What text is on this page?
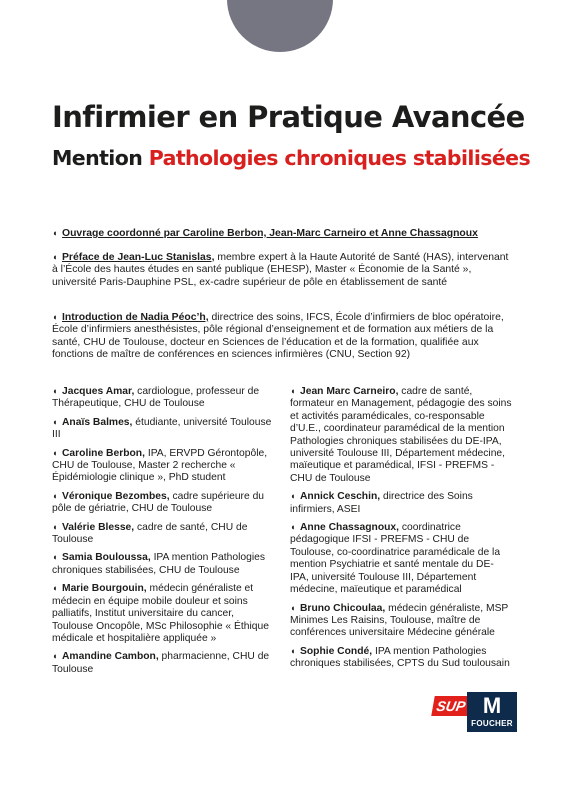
Infirmier en Pratique Avancée
Mention Pathologies chroniques stabilisées

◖ Ouvrage coordonné par Caroline Berbon, Jean-Marc Carneiro et Anne Chassagnoux

◖ Préface de Jean-Luc Stanislas, membre expert à la Haute Autorité de Santé (HAS), intervenant à l’École des hautes études en santé publique (EHESP), Master « Économie de la Santé », université Paris-Dauphine PSL, ex-cadre supérieur de pôle en établissement de santé

◖ Introduction de Nadia Péoc’h, directrice des soins, IFCS, École d’infirmiers de bloc opératoire, École d’infirmiers anesthésistes, pôle régional d’enseignement et de formation aux métiers de la santé, CHU de Toulouse, docteur en Sciences de l’éducation et de la formation, qualifiée aux fonctions de maître de conférences en sciences infirmières (CNU, Section 92)

◖ Jacques Amar, cardiologue, professeur de Thérapeutique, CHU de Toulouse

◖ Anaïs Balmes, étudiante, université Toulouse III

◖ Caroline Berbon, IPA, ERVPD Gérontopôle, CHU de Toulouse, Master 2 recherche « Épidémiologie clinique », PhD student

◖ Véronique Bezombes, cadre supérieure du pôle de gériatrie, CHU de Toulouse

◖ Valérie Blesse, cadre de santé, CHU de Toulouse

◖ Samia Bouloussa, IPA mention Pathologies chroniques stabilisées, CHU de Toulouse

◖ Marie Bourgouin, médecin généraliste et médecin en équipe mobile douleur et soins palliatifs, Institut universitaire du cancer, Toulouse Oncopôle, MSc Philosophie « Éthique médicale et hospitalière appliquée »

◖ Amandine Cambon, pharmacienne, CHU de Toulouse

◖ Jean Marc Carneiro, cadre de santé, formateur en Management, pédagogie des soins et activités paramédicales, co-responsable d’U.E., coordinateur paramédical de la mention Pathologies chroniques stabilisées du DE-IPA, université Toulouse III, Département médecine, maïeutique et paramédical, IFSI - PREFMS - CHU de Toulouse

◖ Annick Ceschin, directrice des Soins infirmiers, ASEI

◖ Anne Chassagnoux, coordinatrice pédagogique IFSI - PREFMS - CHU de Toulouse, co-coordinatrice paramédicale de la mention Psychiatrie et santé mentale du DE-IPA, université Toulouse III, Département médecine, maïeutique et paramédical

◖ Bruno Chicoulaa, médecin généraliste, MSP Minimes Les Raisins, Toulouse, maître de conférences universitaire Médecine générale

◖ Sophie Condé, IPA mention Pathologies chroniques stabilisées, CPTS du Sud toulousain

SUP M
FOUCHER
